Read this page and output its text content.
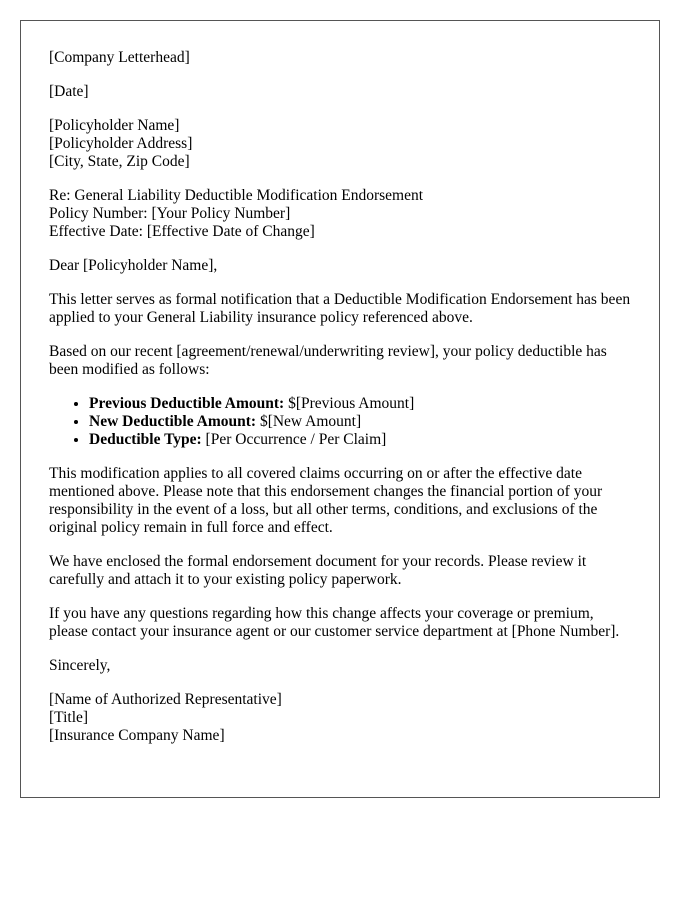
[Company Letterhead]
[Date]
[Policyholder Name]
[Policyholder Address]
[City, State, Zip Code]
Re: General Liability Deductible Modification Endorsement
Policy Number: [Your Policy Number]
Effective Date: [Effective Date of Change]
Dear [Policyholder Name],

This letter serves as formal notification that a Deductible Modification Endorsement has been applied to your General Liability insurance policy referenced above.

Based on our recent [agreement/renewal/underwriting review], your policy deductible has been modified as follows:

• Previous Deductible Amount: $[Previous Amount]
• New Deductible Amount: $[New Amount]
• Deductible Type: [Per Occurrence / Per Claim]

This modification applies to all covered claims occurring on or after the effective date mentioned above. Please note that this endorsement changes the financial portion of your responsibility in the event of a loss, but all other terms, conditions, and exclusions of the original policy remain in full force and effect.

We have enclosed the formal endorsement document for your records. Please review it carefully and attach it to your existing policy paperwork.

If you have any questions regarding how this change affects your coverage or premium, please contact your insurance agent or our customer service department at [Phone Number].

Sincerely,
[Name of Authorized Representative]
[Title]
[Insurance Company Name]
